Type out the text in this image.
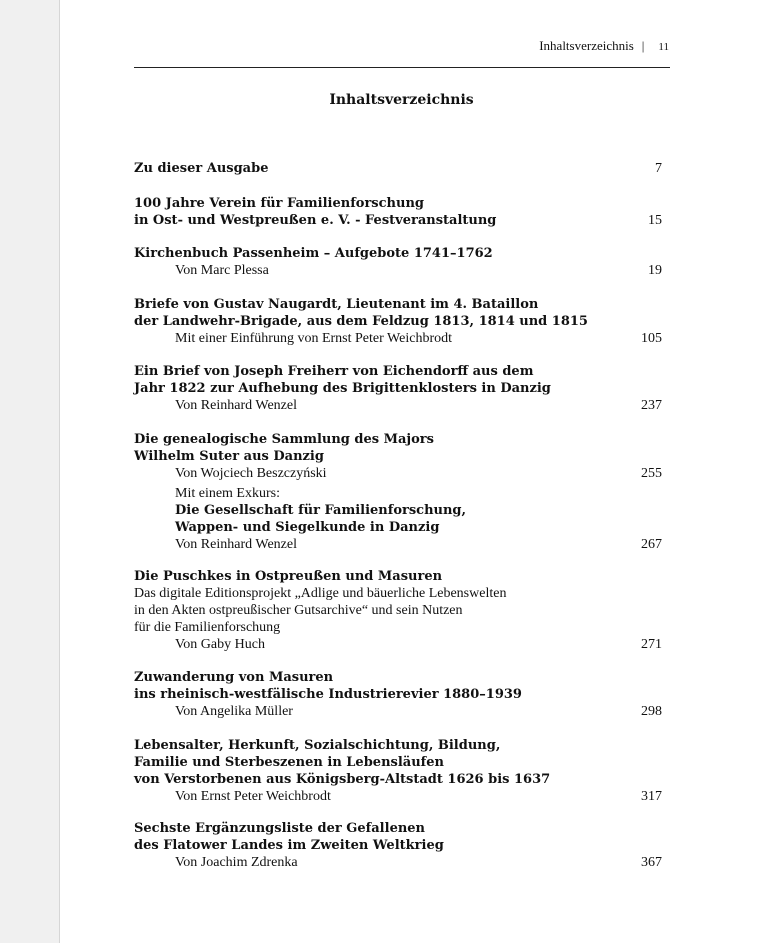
Inhaltsverzeichnis | 11
Inhaltsverzeichnis
Zu dieser Ausgabe	7
100 Jahre Verein für Familienforschung
in Ost- und Westpreußen e. V. - Festveranstaltung	15
Kirchenbuch Passenheim – Aufgebote 1741–1762
Von Marc Plessa	19
Briefe von Gustav Naugardt, Lieutenant im 4. Bataillon
der Landwehr-Brigade, aus dem Feldzug 1813, 1814 und 1815
Mit einer Einführung von Ernst Peter Weichbrodt	105
Ein Brief von Joseph Freiherr von Eichendorff aus dem
Jahr 1822 zur Aufhebung des Brigittenklosters in Danzig
Von Reinhard Wenzel	237
Die genealogische Sammlung des Majors
Wilhelm Suter aus Danzig
Von Wojciech Beszczyński	255
Mit einem Exkurs:
Die Gesellschaft für Familienforschung,
Wappen- und Siegelkunde in Danzig
Von Reinhard Wenzel	267
Die Puschkes in Ostpreußen und Masuren
Das digitale Editionsprojekt „Adlige und bäuerliche Lebenswelten
in den Akten ostpreußischer Gutsarchive“ und sein Nutzen
für die Familienforschung
Von Gaby Huch	271
Zuwanderung von Masuren
ins rheinisch-westfälische Industrierevier 1880–1939
Von Angelika Müller	298
Lebensalter, Herkunft, Sozialschichtung, Bildung,
Familie und Sterbeszenen in Lebensläufen
von Verstorbenen aus Königsberg-Altstadt 1626 bis 1637
Von Ernst Peter Weichbrodt	317
Sechste Ergänzungsliste der Gefallenen
des Flatower Landes im Zweiten Weltkrieg
Von Joachim Zdrenka	367
